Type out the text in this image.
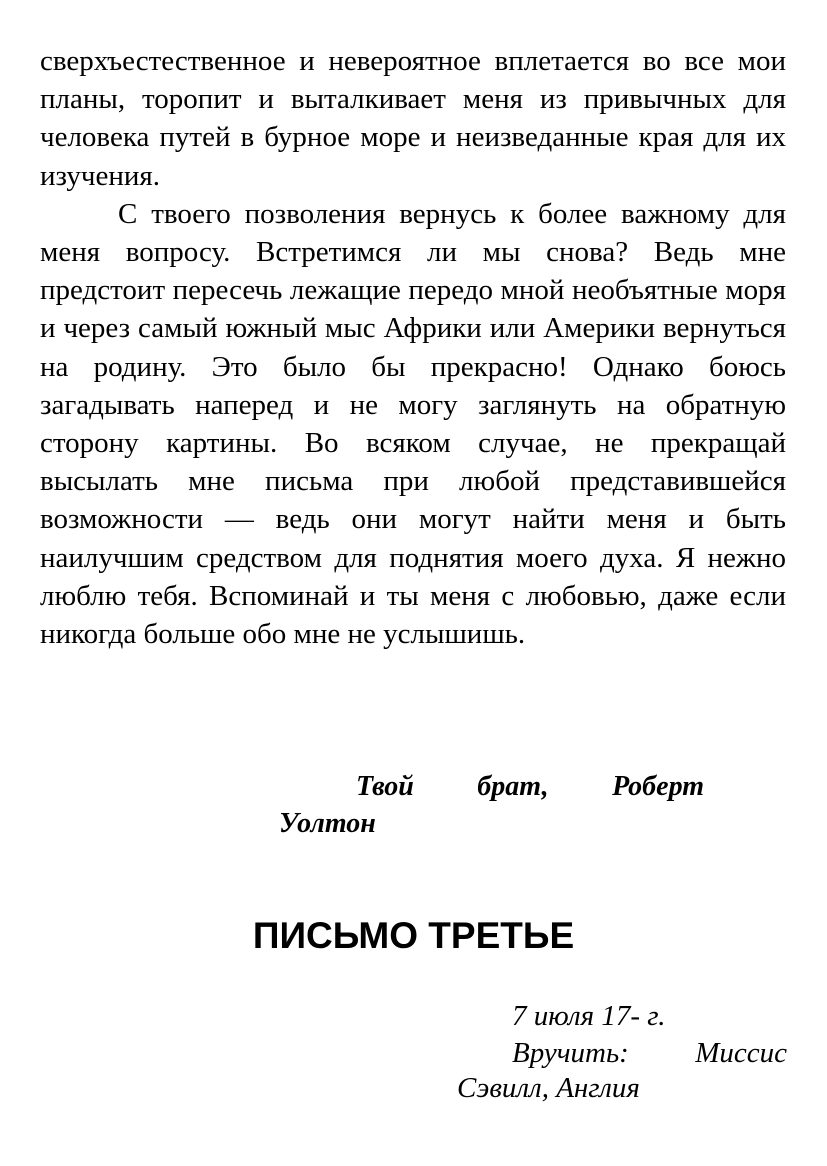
сверхъестественное и невероятное вплетается во все мои планы, торопит и выталкивает меня из привычных для человека путей в бурное море и неизведанные края для их изучения.

С твоего позволения вернусь к более важному для меня вопросу. Встретимся ли мы снова? Ведь мне предстоит пересечь лежащие передо мной необъятные моря и через самый южный мыс Африки или Америки вернуться на родину. Это было бы прекрасно! Однако боюсь загадывать наперед и не могу заглянуть на обратную сторону картины. Во всяком случае, не прекращай высылать мне письма при любой представившейся возможности — ведь они могут найти меня и быть наилучшим средством для поднятия моего духа. Я нежно люблю тебя. Вспоминай и ты меня с любовью, даже если никогда больше обо мне не услышишь.

Твой брат, Роберт
Уолтон
ПИСЬМО ТРЕТЬЕ
7 июля 17- г.
Вручить: Миссис
Сэвилл, Англия
